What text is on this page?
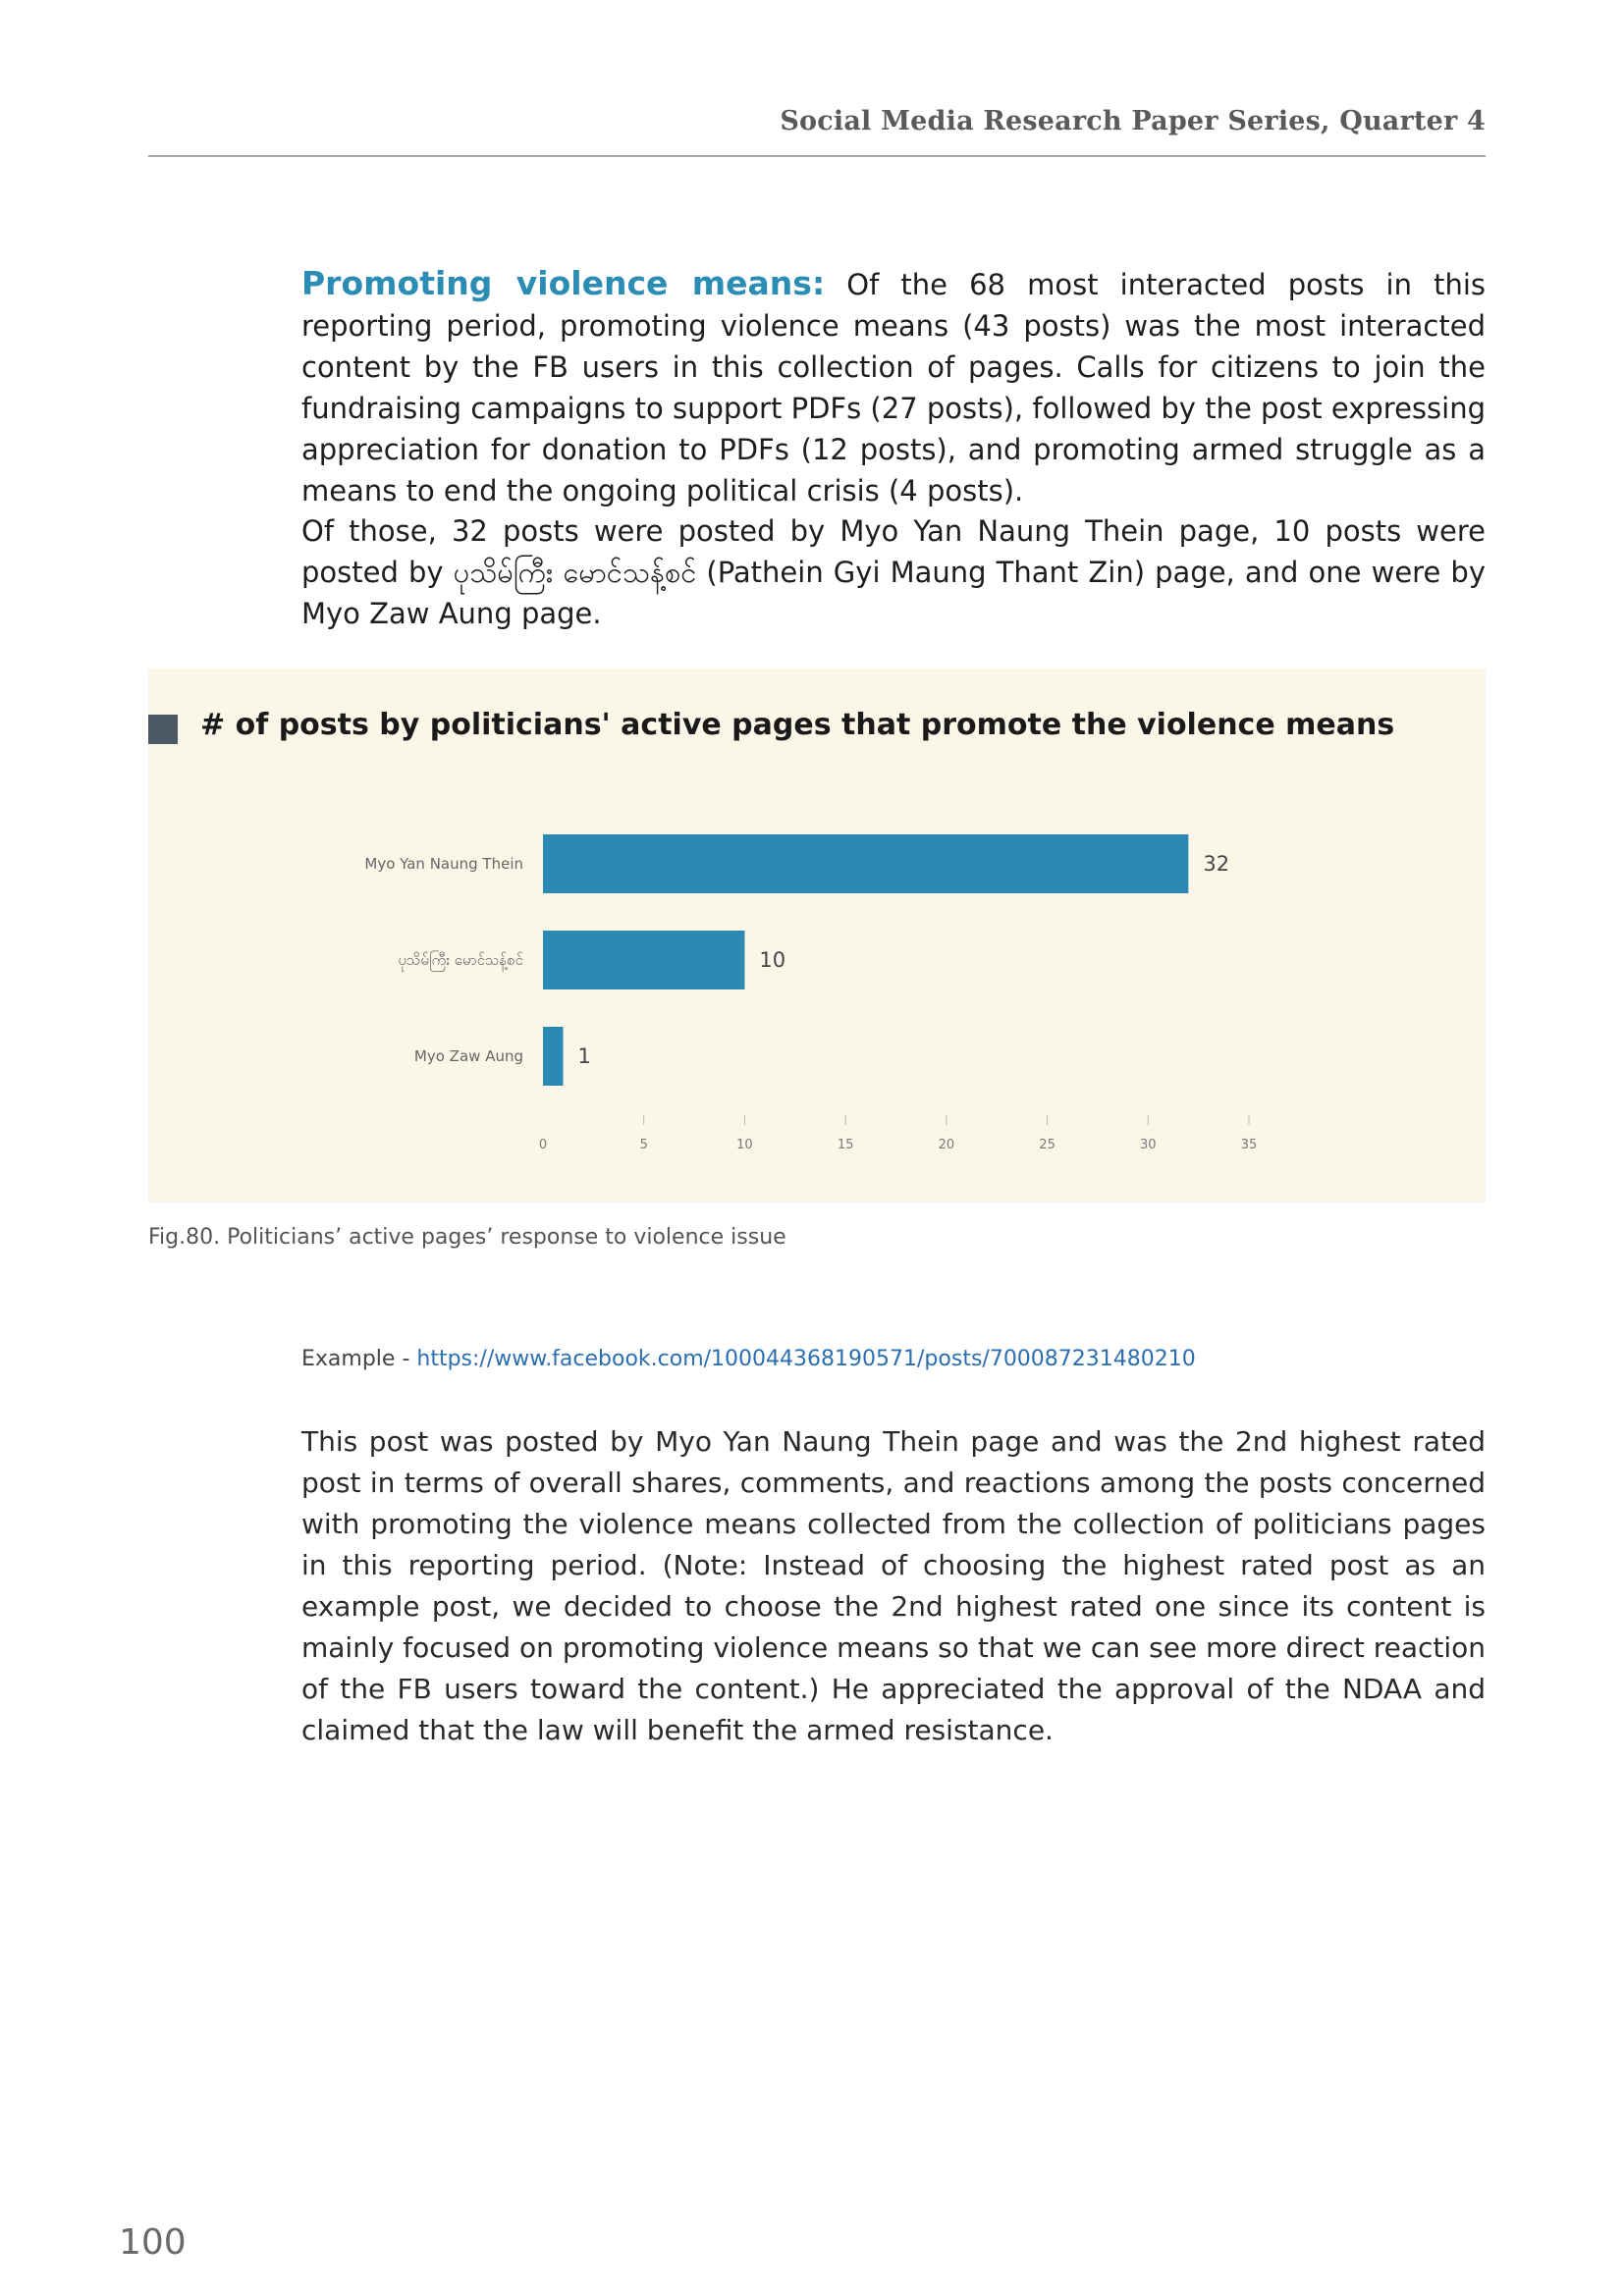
Social Media Research Paper Series, Quarter 4

Promoting violence means: Of the 68 most interacted posts in this reporting period, promoting violence means (43 posts) was the most interacted content by the FB users in this collection of pages. Calls for citizens to join the fundraising campaigns to support PDFs (27 posts), followed by the post expressing appreciation for donation to PDFs (12 posts), and promoting armed struggle as a means to end the ongoing political crisis (4 posts).

Of those, 32 posts were posted by Myo Yan Naung Thein page, 10 posts were posted by ပုသိမ်ကြီး မောင်သန့်စင် (Pathein Gyi Maung Thant Zin) page, and one were by Myo Zaw Aung page.

# of posts by politicians' active pages that promote the violence means
Myo Yan Naung Thein	32
ပုသိမ်ကြီး မောင်သန့်စင်	10
Myo Zaw Aung	1
0	5	10	15	20	25	30	35
Fig.80. Politicians’ active pages’ response to violence issue
Example - https://www.facebook.com/100044368190571/posts/700087231480210

This post was posted by Myo Yan Naung Thein page and was the 2nd highest rated post in terms of overall shares, comments, and reactions among the posts concerned with promoting the violence means collected from the collection of politicians pages in this reporting period. (Note: Instead of choosing the highest rated post as an example post, we decided to choose the 2nd highest rated one since its content is mainly focused on promoting violence means so that we can see more direct reaction of the FB users toward the content.) He appreciated the approval of the NDAA and claimed that the law will benefit the armed resistance.

100
